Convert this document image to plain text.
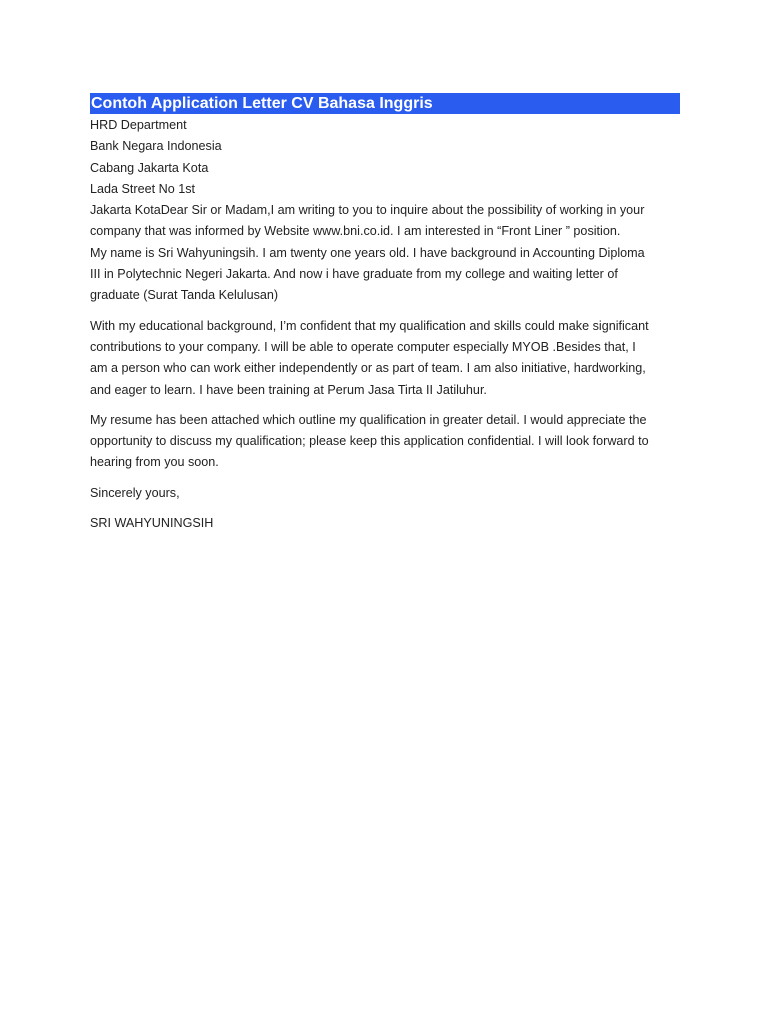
Contoh Application Letter CV Bahasa Inggris
HRD Department
Bank Negara Indonesia
Cabang Jakarta Kota
Lada Street No 1st
Jakarta KotaDear Sir or Madam,I am writing to you to inquire about the possibility of working in your
company that was informed by Website www.bni.co.id. I am interested in “Front Liner ” position.
My name is Sri Wahyuningsih. I am twenty one years old. I have background in Accounting Diploma
III in Polytechnic Negeri Jakarta. And now i have graduate from my college and waiting letter of
graduate (Surat Tanda Kelulusan)
With my educational background, I’m confident that my qualification and skills could make significant
contributions to your company. I will be able to operate computer especially MYOB .Besides that, I
am a person who can work either independently or as part of team. I am also initiative, hardworking,
and eager to learn. I have been training at Perum Jasa Tirta II Jatiluhur.
My resume has been attached which outline my qualification in greater detail. I would appreciate the
opportunity to discuss my qualification; please keep this application confidential. I will look forward to
hearing from you soon.
Sincerely yours,
SRI WAHYUNINGSIH
